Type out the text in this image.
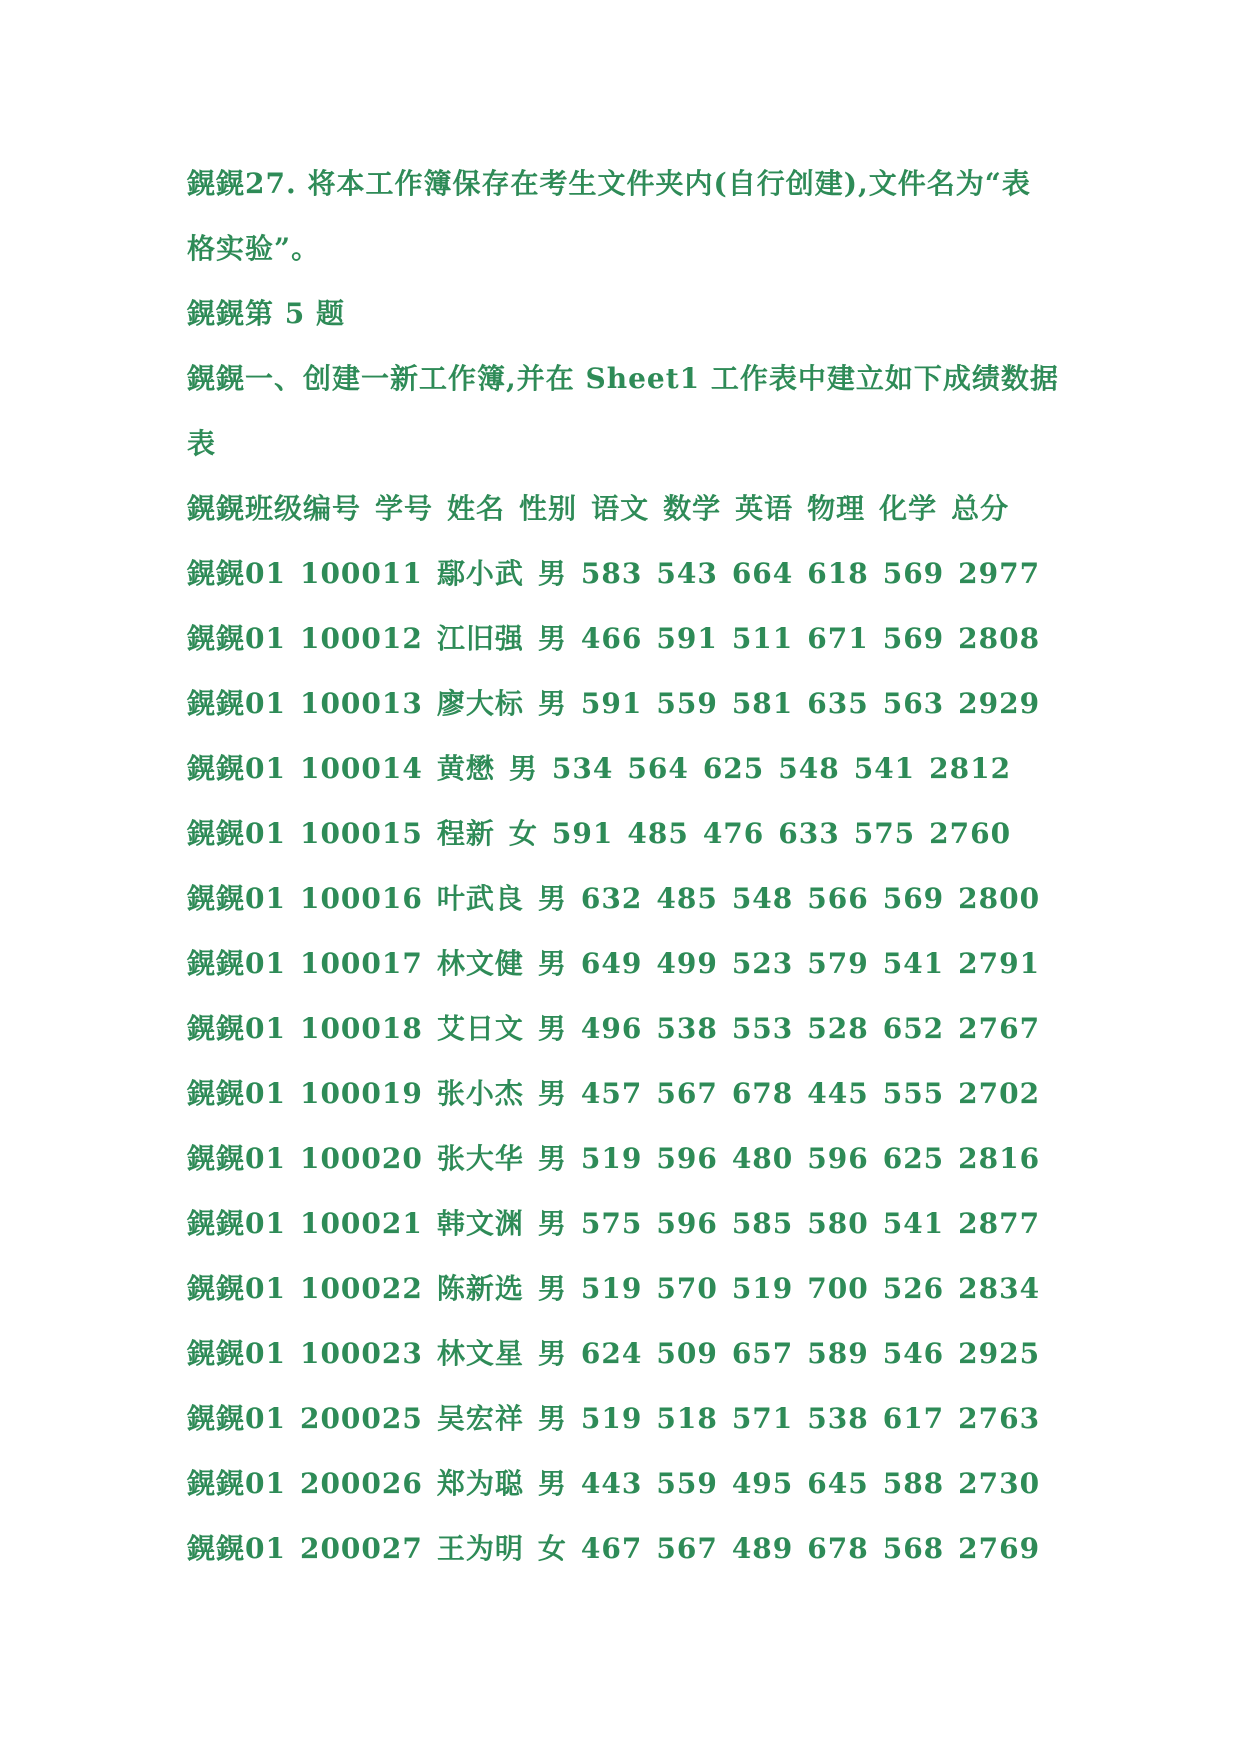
鎤鎤27. 将本工作簿保存在考生文件夹内(自行创建),文件名为“表
格实验”。
鎤鎤第 5 题
鎤鎤一、创建一新工作簿,并在 Sheet1 工作表中建立如下成绩数据
表
鎤鎤班级编号 学号 姓名 性别 语文 数学 英语 物理 化学 总分
鎤鎤01 100011 鄢小武 男 583 543 664 618 569 2977
鎤鎤01 100012 江旧强 男 466 591 511 671 569 2808
鎤鎤01 100013 廖大标 男 591 559 581 635 563 2929
鎤鎤01 100014 黄懋 男 534 564 625 548 541 2812
鎤鎤01 100015 程新 女 591 485 476 633 575 2760
鎤鎤01 100016 叶武良 男 632 485 548 566 569 2800
鎤鎤01 100017 林文健 男 649 499 523 579 541 2791
鎤鎤01 100018 艾日文 男 496 538 553 528 652 2767
鎤鎤01 100019 张小杰 男 457 567 678 445 555 2702
鎤鎤01 100020 张大华 男 519 596 480 596 625 2816
鎤鎤01 100021 韩文渊 男 575 596 585 580 541 2877
鎤鎤01 100022 陈新选 男 519 570 519 700 526 2834
鎤鎤01 100023 林文星 男 624 509 657 589 546 2925
鎤鎤01 200025 吴宏祥 男 519 518 571 538 617 2763
鎤鎤01 200026 郑为聪 男 443 559 495 645 588 2730
鎤鎤01 200027 王为明 女 467 567 489 678 568 2769
